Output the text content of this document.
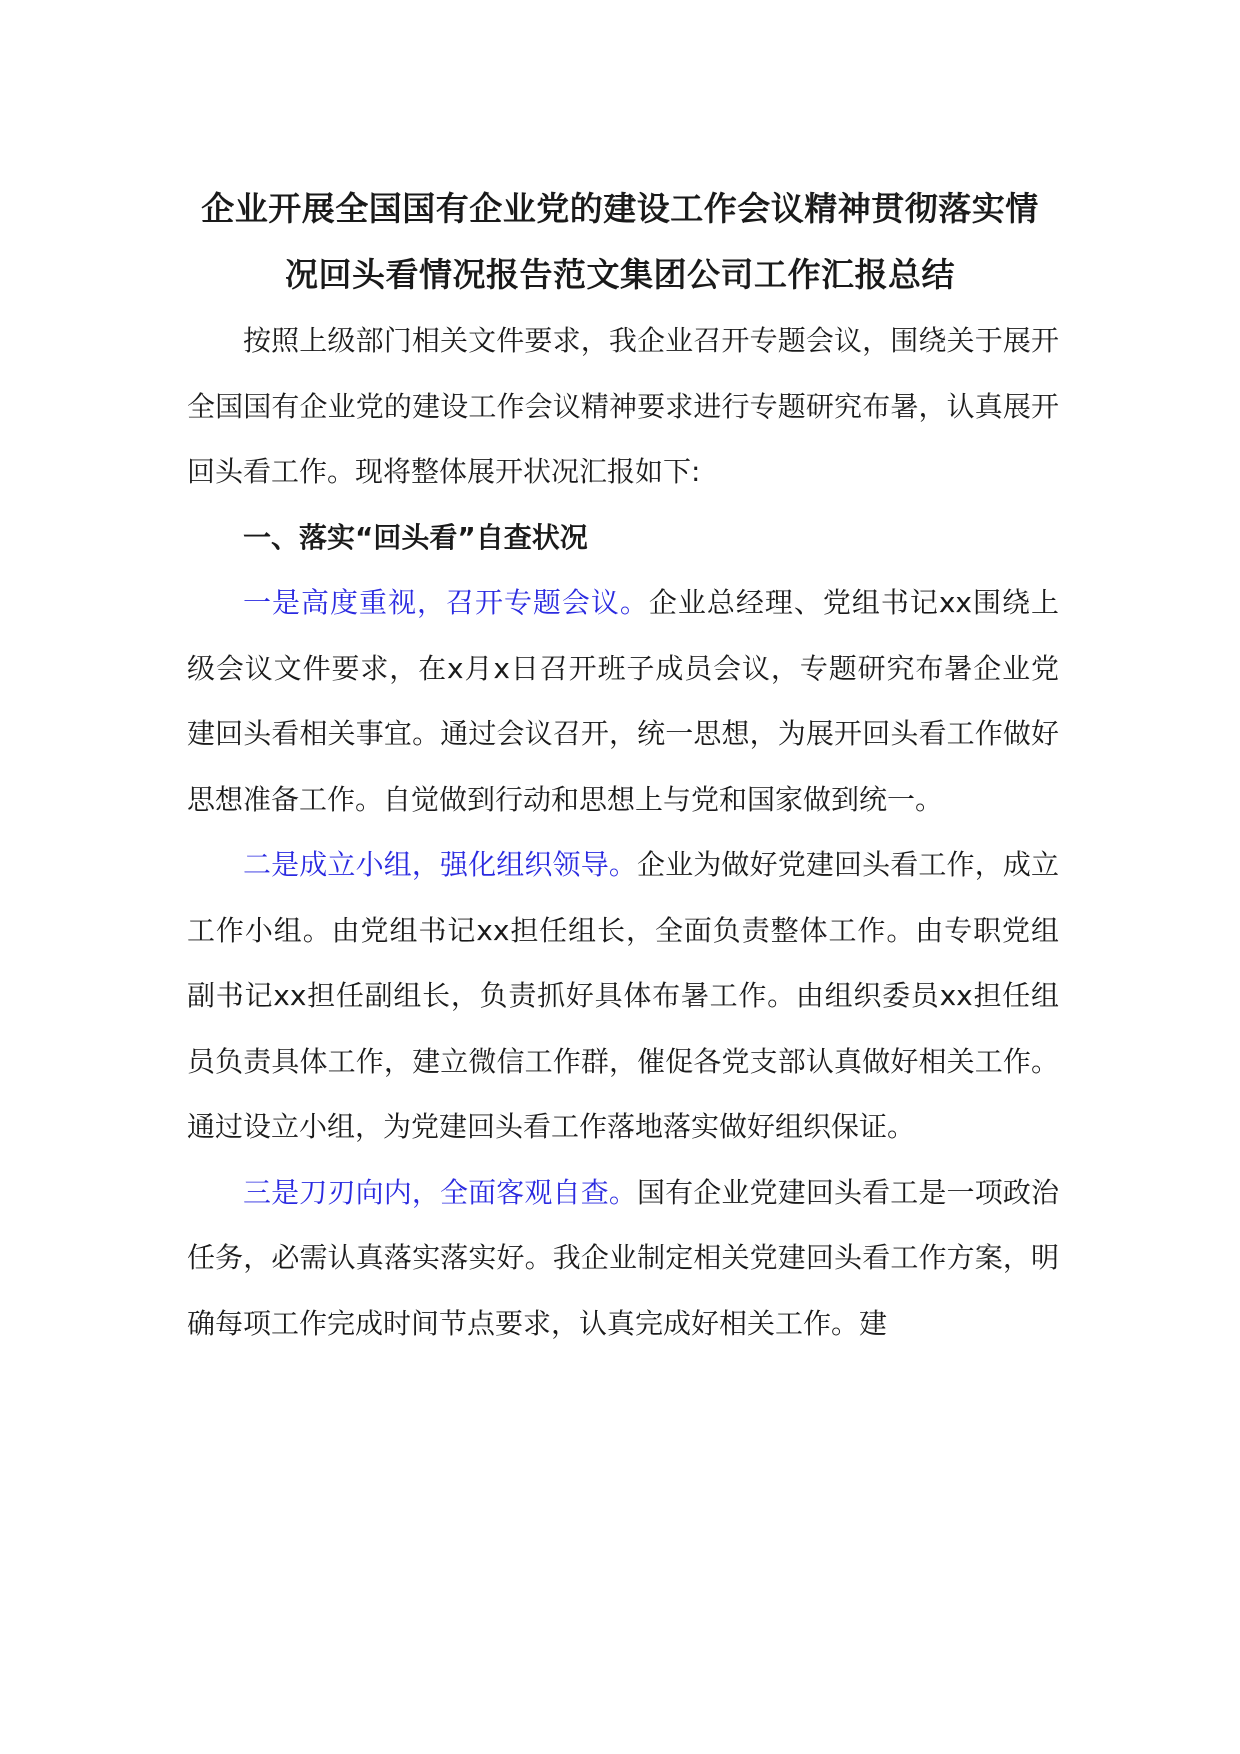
企业开展全国国有企业党的建设工作会议精神贯彻落实情况回头看情况报告范文集团公司工作汇报总结

按照上级部门相关文件要求，我企业召开专题会议，围绕关于展开全国国有企业党的建设工作会议精神要求进行专题研究布暑，认真展开回头看工作。现将整体展开状况汇报如下:

一、落实“回头看”自查状况

一是高度重视，召开专题会议。企业总经理、党组书记xx围绕上级会议文件要求，在x月x日召开班子成员会议，专题研究布暑企业党建回头看相关事宜。通过会议召开，统一思想，为展开回头看工作做好思想准备工作。自觉做到行动和思想上与党和国家做到统一。

二是成立小组，强化组织领导。企业为做好党建回头看工作，成立工作小组。由党组书记xx担任组长，全面负责整体工作。由专职党组副书记xx担任副组长，负责抓好具体布暑工作。由组织委员xx担任组员负责具体工作，建立微信工作群，催促各党支部认真做好相关工作。通过设立小组，为党建回头看工作落地落实做好组织保证。

三是刀刃向内，全面客观自查。国有企业党建回头看工是一项政治任务，必需认真落实落实好。我企业制定相关党建回头看工作方案，明确每项工作完成时间节点要求，认真完成好相关工作。建
